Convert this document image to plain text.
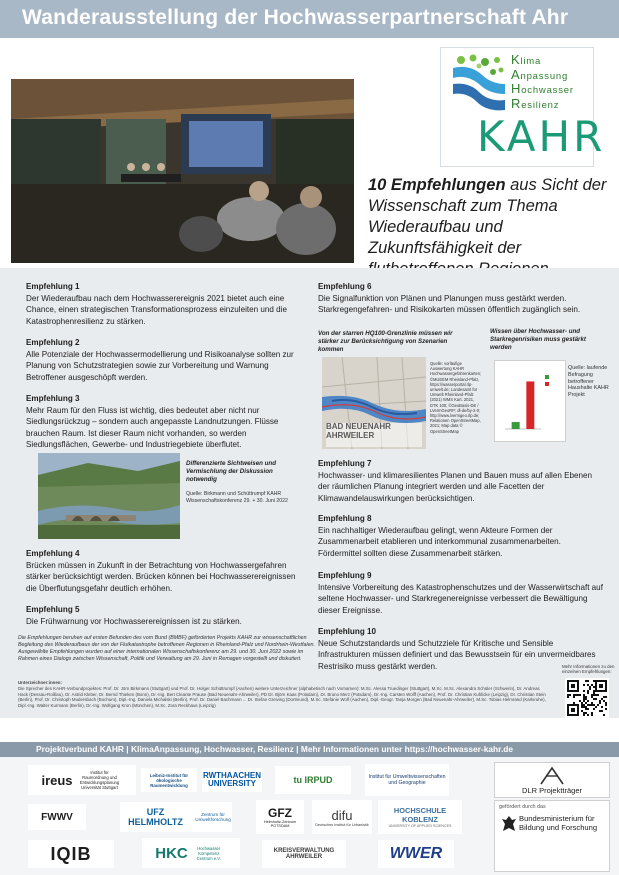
Wanderausstellung der Hochwasserpartnerschaft Ahr
Klima
Anpassung
Hochwasser
Resilienz
KAHR
10 Empfehlungen aus Sicht der Wissenschaft zum Thema Wiederaufbau und Zukunftsfähigkeit der
Empfehlung 1
Der Wiederaufbau nach dem Hochwasserereignis 2021 bietet auch eine Chance, einen strategischen Transformationsprozess einzuleiten und die Katastrophenresilienz zu stärken.
Empfehlung 2
Alle Potenziale der Hochwassermodellierung und Risikoanalyse sollten zur Planung von Schutzstrategien sowie zur Vorbereitung und Warnung Betroffener ausgeschöpft werden.
Empfehlung 3
Mehr Raum für den Fluss ist wichtig, dies bedeutet aber nicht nur Siedlungsrückzug – sondern auch angepasste Landnutzungen. Flüsse brauchen Raum. Ist dieser Raum nicht vorhanden, so werden Siedlungsflächen, Gewerbe- und Industriegebiete überflutet.
Differenzierte Sichtweisen und Vermischlung der Diskussion notwendig
Quelle: Birkmann und Schüttrumpf KAHR Wissenschaftskonferenz 29. + 30. Juni 2022
Empfehlung 4
Brücken müssen in Zukunft in der Betrachtung von Hochwassergefahren stärker berücksichtigt werden. Brücken können bei Hochwasserereignissen die Überflutungsgefahr deutlich erhöhen.
Empfehlung 5
Die Frühwarnung vor Hochwasserereignissen ist zu stärken.
Empfehlung 6
Die Signalfunktion von Plänen und Planungen muss gestärkt werden. Starkregengefahren- und Risikokarten müssen öffentlich zugänglich sein.
Von der starren HQ100-Grenzlinie müssen wir stärker zur Berücksichtigung von Szenarien kommen
BAD NEUENAHR AHRWEILER
Quelle: vorläufige Auswertung KAHR Hochwassergefahrenkarten; ©MUEEM Rheinland-Pfalz, https://wasserportal.rlp-umwelt.de; Landesamt für Umwelt Rheinland-Pfalz (2021) WMS Kart. 2021, DTK 100; ©GeoBasis-DE / LVermGeoRP; dl-de/by-2-0; http://www.lvermgeo.rlp.de; Relationen OpenStreetMap, 2021; Map data © OpenStreetMap
Wissen über Hochwasser- und Starkregenrisiken muss gestärkt werden
Quelle: laufende Befragung betroffener Haushalte KAHR Projekt
Empfehlung 7
Hochwasser- und klimaresilientes Planen und Bauen muss auf allen Ebenen der räumlichen Planung integriert werden und alle Facetten der Klimawandelauswirkungen berücksichtigen.
Empfehlung 8
Ein nachhaltiger Wiederaufbau gelingt, wenn Akteure Formen der Zusammenarbeit etablieren und interkommunal zusammenarbeiten. Fördermittel sollten diese Zusammenarbeit stärken.
Empfehlung 9
Intensive Vorbereitung des Katastrophenschutzes und der Wasserwirtschaft auf seltene Hochwasser- und Starkregenereignisse verbessert die Bewältigung dieser Ereignisse.
Empfehlung 10
Neue Schutzstandards und Schutzziele für Kritische und Sensible Infrastrukturen müssen definiert und das Bewusstsein für ein unvermeidbares Restrisiko muss gestärkt werden.
Die Empfehlungen beruhen auf ersten Befunden des vom Bund (BMBF) geförderten Projekts KAHR zur wissenschaftlichen Begleitung des Wiederaufbaus der von der Flutkatastrophe betroffenen Regionen in Rheinland-Pfalz und Nordrhein-Westfalen. Ausgewählte Empfehlungen wurden auf einer internationalen Wissenschaftskonferenz am 29. und 30. Juni 2022 sowie im Rahmen eines Dialogs zwischen Wissenschaft, Politik und Verwaltung am 29. Juni in Remagen vorgestellt und diskutiert.
Unterzeichner:innen:
Die Sprecher des KAHR-Verbundprojektes: Prof. Dr. Jörn Birkmann (Stuttgart) und Prof. Dr. Holger Schüttrumpf (Aachen) weitere Unterzeichner (alphabetisch nach Vornamen): M.Sc. Alessa Truedinger (Stuttgart), M.Sc. M.Sc. Alexandra Schüler (Schwerin), Dr. Andreas Hack (Dessau-Roßlau), Dr. Astrid Kleber, Dr. Bernd Thieken (Bonn), Dr.-Ing. Bert Cleante Prause (Bad Neuenahr-Ahrweiler), PD Dr. Björn Kaas (Potsdam), Dr. Bruno Merz (Potsdam), Dr.-Ing. Carsten Wolff (Aachen), Prof. Dr. Christian Kuhlicke (Leipzig), Dr. Christian Stein (Berlin), Prof. Dr. Christoph Mudersbach (Bochum), Dipl.-Ing. Daniela Michalski (Berlin), Prof. Dr. Daniel Bachmann ... Dr. Stefan Greiving (Dortmund), M.Sc. Stefanie Wolf (Aachen), Dipl.-Geogr. Tanja Morgen (Bad Neuenahr-Ahrweiler), M.Sc. Tobias Helmrand (Karlsruhe), Dipl.-Ing. Walter Kurmann (Berlin), Dr.-Ing. Wolfgang Kron (München), M.Sc. Zora Reckhaus (Leipzig)
Mehr Informationen zu den einzelnen Empfehlungen:
Projektverbund KAHR | KlimaAnpassung, Hochwasser, Resilienz | Mehr Informationen unter https://hochwasser-kahr.de
ireus	Institut für Raumordnung und Entwicklungsplanung Universität Stuttgart
Leibniz-Institut für ökologische Raumentwicklung
RWTHAACHEN UNIVERSITY	tu IRPUD	Institut für Umweltwissenschaften und Geographie
FWWV	UFZ HELMHOLTZ
Zentrum für Umweltforschung	GFZ
Helmholtz-Zentrum POTSDAM
difu
Deutsches Institut für Urbanistik
HOCHSCHULE KOBLENZ
UNIVERSITY OF APPLIED SCIENCES
IQIB	HKC	Hochwasser Kompetenz Centrum e.V.
KREISVERWALTUNG AHRWEILER	WWER
DLR Projektträger
gefördert durch das
Bundesministerium für Bildung und Forschung
